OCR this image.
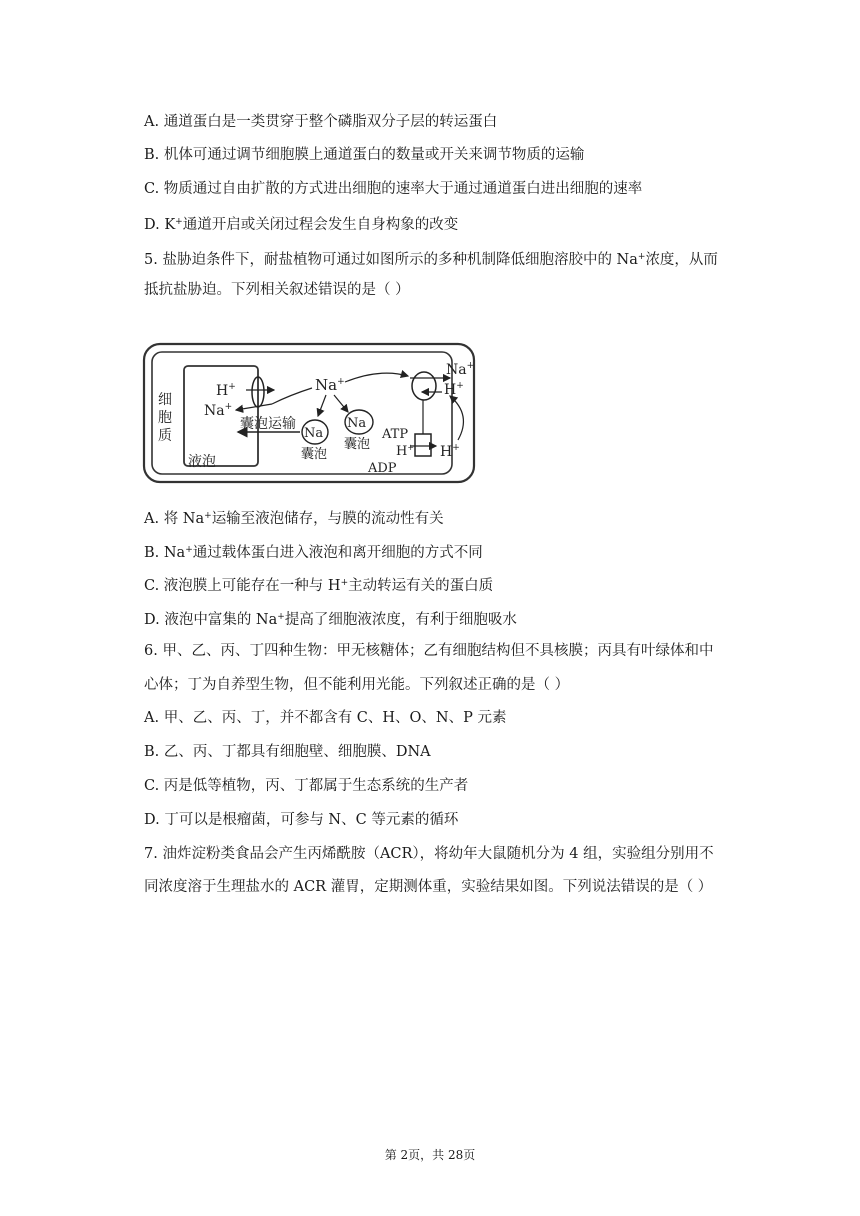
A. 通道蛋白是一类贯穿于整个磷脂双分子层的转运蛋白
B. 机体可通过调节细胞膜上通道蛋白的数量或开关来调节物质的运输
C. 物质通过自由扩散的方式进出细胞的速率大于通过通道蛋白进出细胞的速率
D. K+通道开启或关闭过程会发生自身构象的改变
5. 盐胁迫条件下，耐盐植物可通过如图所示的多种机制降低细胞溶胶中的 Na+浓度，从而
抵抗盐胁迫。下列相关叙述错误的是（ ）
细
胞
质
液泡
H+
Na+
Na+
Na
囊泡
Na
囊泡
囊泡运输
Na+
H+
ATP
H+
ADP
H+
A. 将 Na+运输至液泡储存，与膜的流动性有关
B. Na+通过载体蛋白进入液泡和离开细胞的方式不同
C. 液泡膜上可能存在一种与 H+主动转运有关的蛋白质
D. 液泡中富集的 Na+提高了细胞液浓度，有利于细胞吸水
6. 甲、乙、丙、丁四种生物：甲无核糖体；乙有细胞结构但不具核膜；丙具有叶绿体和中
心体；丁为自养型生物，但不能利用光能。下列叙述正确的是（ ）
A. 甲、乙、丙、丁，并不都含有 C、H、O、N、P 元素
B. 乙、丙、丁都具有细胞壁、细胞膜、DNA
C. 丙是低等植物，丙、丁都属于生态系统的生产者
D. 丁可以是根瘤菌，可参与 N、C 等元素的循环
7. 油炸淀粉类食品会产生丙烯酰胺（ACR），将幼年大鼠随机分为 4 组，实验组分别用不
同浓度溶于生理盐水的 ACR 灌胃，定期测体重，实验结果如图。下列说法错误的是（ ）
第 2页，共 28页
